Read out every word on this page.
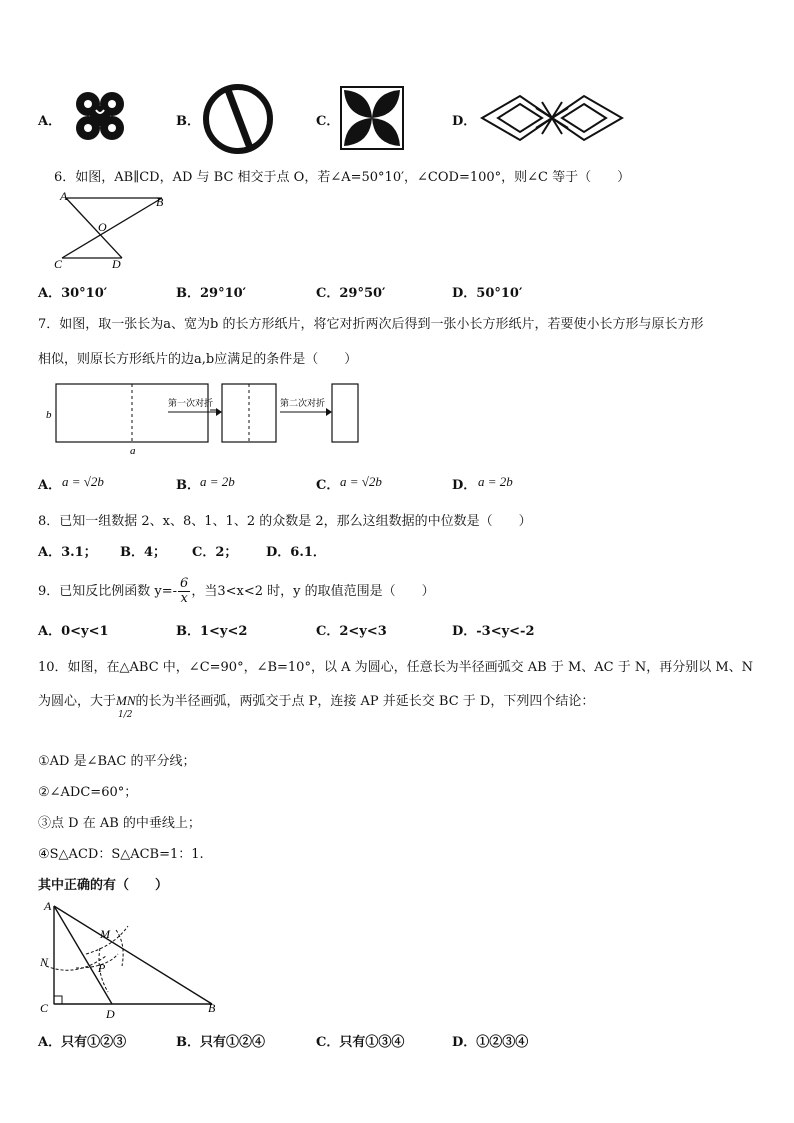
A．	B．	C．	D．
6．如图，AB∥CD，AD 与 BC 相交于点 O，若∠A=50°10′，∠COD=100°，则∠C 等于（　　）
A	B
O
C	D
A．30°10′	B．29°10′	C．29°50′	D．50°10′
7．如图，取一张长为a、宽为b 的长方形纸片，将它对折两次后得到一张小长方形纸片，若要使小长方形与原长方形
相似，则原长方形纸片的边a,b应满足的条件是（　　）
b
a
第一次对折	第二次对折
A． a = √2b	B． a = 2b	C． a = √2b	D． a = 2b
8．已知一组数据 2、x、8、1、1、2 的众数是 2，那么这组数据的中位数是（　　）
A．3.1； B．4； C．2； D．6.1．
9．已知反比例函数 $y=- \frac{6}{x}$ ，当3<x<2 时，y 的取值范围是（　　）
A．0<y<1	B．1<y<2	C．2<y<3	D．-3<y<-2
10．如图，在△ABC 中，∠C=90°，∠B=10°，以 A 为圆心，任意长为半径画弧交 AB 于 M、AC 于 N，再分别以 M、N
为圆心，大于MN的长为半径画弧，两弧交于点 P，连接 AP 并延长交 BC 于 D，下列四个结论：
1/2
①AD 是∠BAC 的平分线；
②∠ADC=60°；
③点 D 在 AB 的中垂线上；
④S△ACD：S△ACB=1：1.
其中正确的有（　　）
A
M
N	P
C	D	B
A．只有①②③	B．只有①②④	C．只有①③④	D．①②③④
